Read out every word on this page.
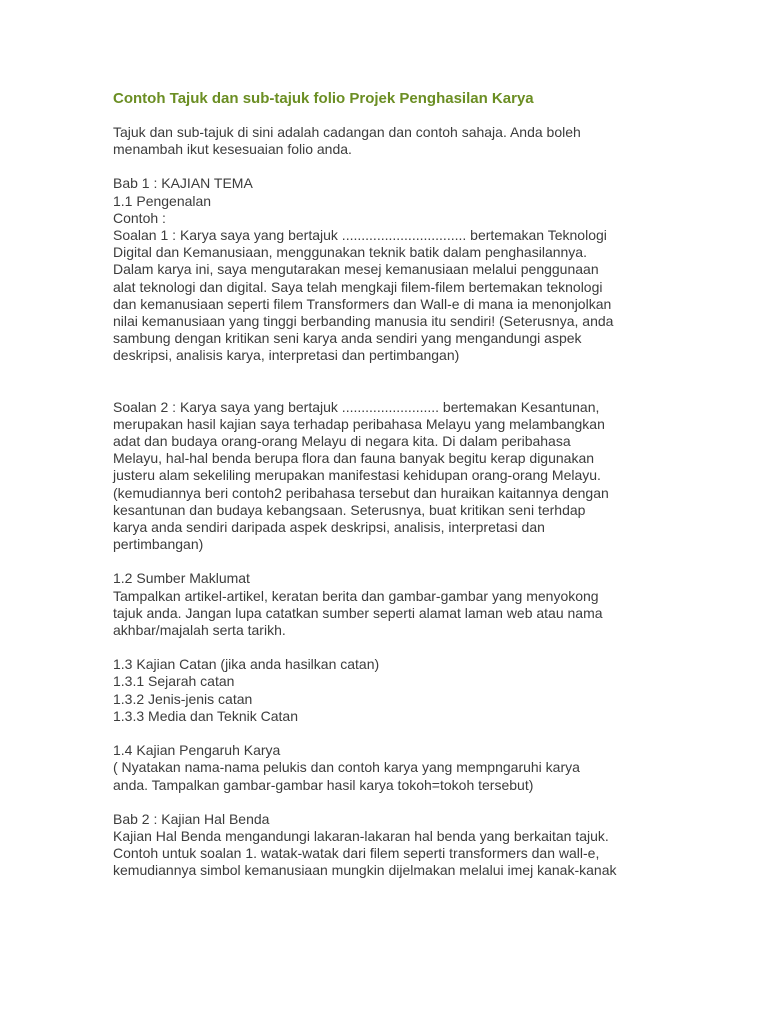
Contoh Tajuk dan sub-tajuk folio Projek Penghasilan Karya
Tajuk dan sub-tajuk di sini adalah cadangan dan contoh sahaja. Anda boleh
menambah ikut kesesuaian folio anda.
Bab 1 : KAJIAN TEMA
1.1 Pengenalan
Contoh :
Soalan 1 : Karya saya yang bertajuk ................................ bertemakan Teknologi
Digital dan Kemanusiaan, menggunakan teknik batik dalam penghasilannya.
Dalam karya ini, saya mengutarakan mesej kemanusiaan melalui penggunaan
alat teknologi dan digital. Saya telah mengkaji filem-filem bertemakan teknologi
dan kemanusiaan seperti filem Transformers dan Wall-e di mana ia menonjolkan
nilai kemanusiaan yang tinggi berbanding manusia itu sendiri! (Seterusnya, anda
sambung dengan kritikan seni karya anda sendiri yang mengandungi aspek
deskripsi, analisis karya, interpretasi dan pertimbangan)
Soalan 2 : Karya saya yang bertajuk ......................... bertemakan Kesantunan,
merupakan hasil kajian saya terhadap peribahasa Melayu yang melambangkan
adat dan budaya orang-orang Melayu di negara kita. Di dalam peribahasa
Melayu, hal-hal benda berupa flora dan fauna banyak begitu kerap digunakan
justeru alam sekeliling merupakan manifestasi kehidupan orang-orang Melayu.
(kemudiannya beri contoh2 peribahasa tersebut dan huraikan kaitannya dengan
kesantunan dan budaya kebangsaan. Seterusnya, buat kritikan seni terhdap
karya anda sendiri daripada aspek deskripsi, analisis, interpretasi dan
pertimbangan)
1.2 Sumber Maklumat
Tampalkan artikel-artikel, keratan berita dan gambar-gambar yang menyokong
tajuk anda. Jangan lupa catatkan sumber seperti alamat laman web atau nama
akhbar/majalah serta tarikh.
1.3 Kajian Catan (jika anda hasilkan catan)
1.3.1 Sejarah catan
1.3.2 Jenis-jenis catan
1.3.3 Media dan Teknik Catan
1.4 Kajian Pengaruh Karya
( Nyatakan nama-nama pelukis dan contoh karya yang mempngaruhi karya
anda. Tampalkan gambar-gambar hasil karya tokoh=tokoh tersebut)
Bab 2 : Kajian Hal Benda
Kajian Hal Benda mengandungi lakaran-lakaran hal benda yang berkaitan tajuk.
Contoh untuk soalan 1. watak-watak dari filem seperti transformers dan wall-e,
kemudiannya simbol kemanusiaan mungkin dijelmakan melalui imej kanak-kanak
